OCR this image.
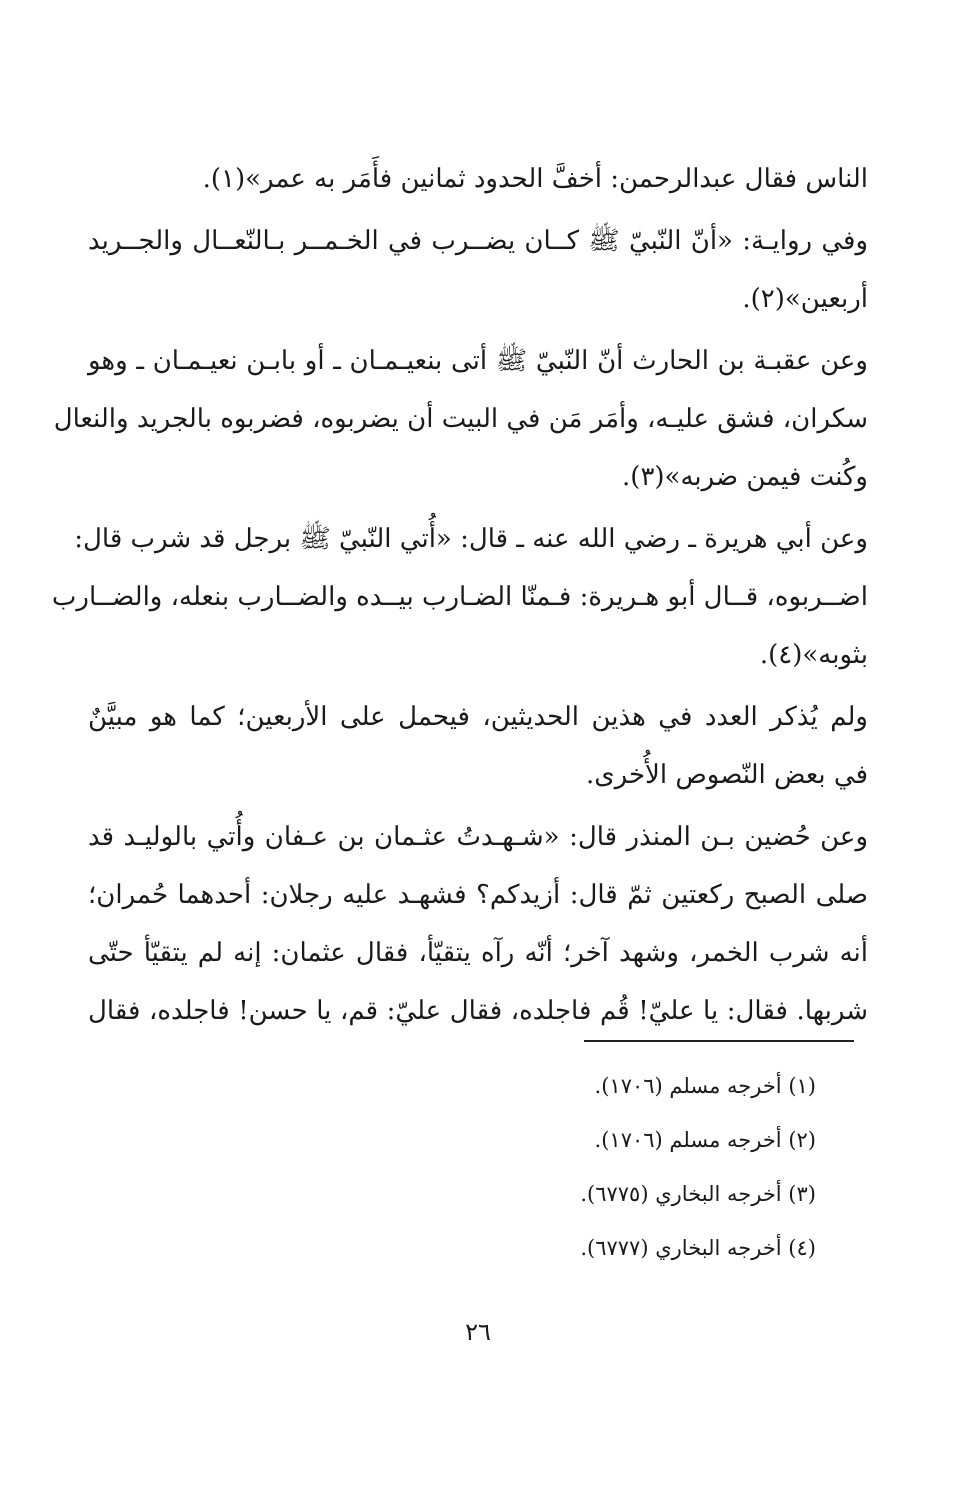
الناس فقال عبدالرحمن: أخفَّ الحدود ثمانين فأَمَر به عمر»(١).

وفي روايـة: «أنّ النّبيّ ﷺ كــان يضــرب في الخـمــر بـالنّعــال والجــريد
أربعين»(٢).

وعن عقبـة بن الحارث أنّ النّبيّ ﷺ أتى بنعيـمـان ـ أو بابـن نعيـمـان ـ وهو
سكران، فشق عليـه، وأمَر مَن في البيت أن يضربوه، فضربوه بالجريد والنعال
وكُنت فيمن ضربه»(٣).

وعن أبي هريرة ـ رضي الله عنه ـ قال: «أُتي النّبيّ ﷺ برجل قد شرب قال:
اضــربوه، قــال أبو هـريرة: فـمنّا الضـارب بيــده والضــارب بنعله، والضــارب
بثوبه»(٤).

ولم يُذكر العدد في هذين الحديثين، فيحمل على الأربعين؛ كما هو مبيَّنٌ
في بعض النّصوص الأُخرى.

وعن حُضين بـن المنذر قال: «شـهـدتُ عثـمان بن عـفان وأُتي بالوليـد قد
صلى الصبح ركعتين ثمّ قال: أزيدكم؟ فشهـد عليه رجلان: أحدهما حُمران؛
أنه شرب الخمر، وشهد آخر؛ أنّه رآه يتقيّأ، فقال عثمان: إنه لم يتقيّأ حتّى
شربها. فقال: يا عليّ! قُم فاجلده، فقال عليّ: قم، يا حسن! فاجلده، فقال

(١) أخرجه مسلم (١٧٠٦).
(٢) أخرجه مسلم (١٧٠٦).
(٣) أخرجه البخاري (٦٧٧٥).
(٤) أخرجه البخاري (٦٧٧٧).
٢٦
